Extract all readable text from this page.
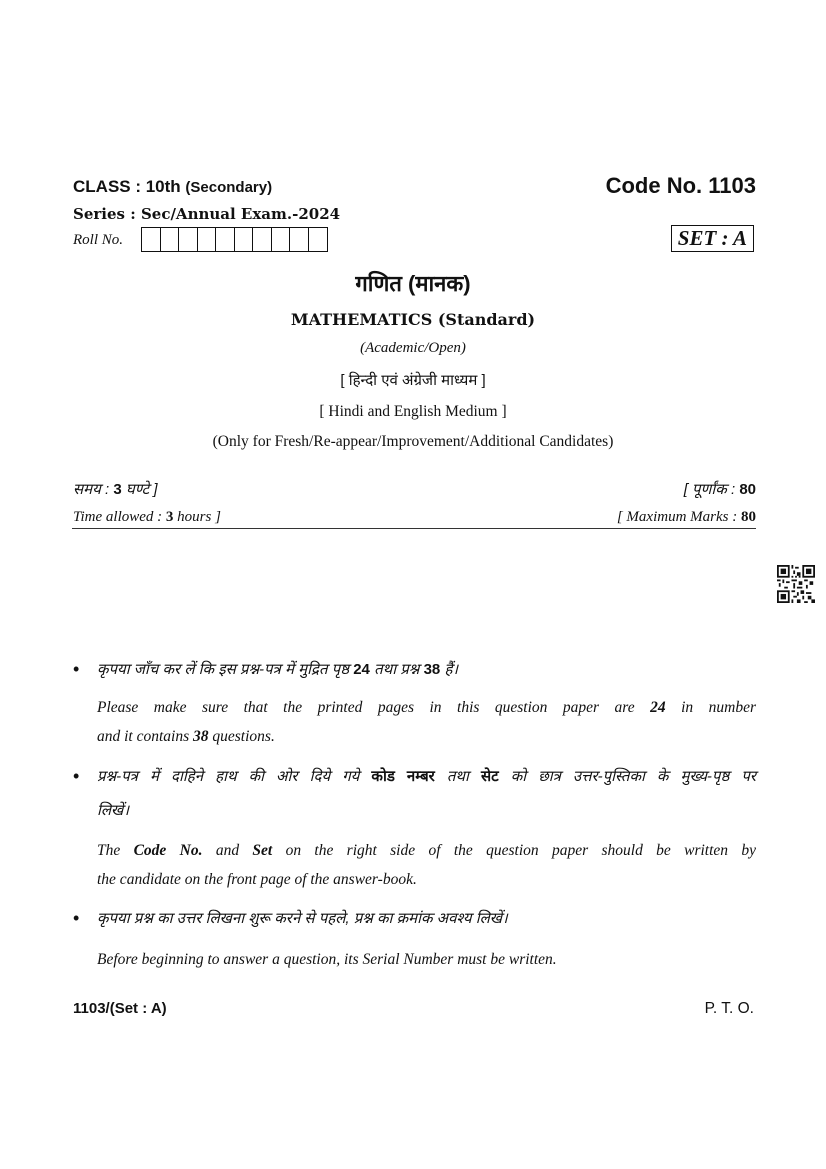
CLASS : 10th (Secondary)	Code No. 1103
Series : Sec/Annual Exam.-2024
Roll No.	SET : A
गणित (मानक)
MATHEMATICS (Standard)
(Academic/Open)
[ हिन्दी एवं अंग्रेजी माध्यम ]
[ Hindi and English Medium ]
(Only for Fresh/Re-appear/Improvement/Additional Candidates)
समय : 3 घण्टे ]	[ पूर्णांक : 80
Time allowed : 3 hours ]	[ Maximum Marks : 80
• कृपया जाँच कर लें कि इस प्रश्न-पत्र में मुद्रित पृष्ठ 24 तथा प्रश्न 38 हैं।
Please make sure that the printed pages in this question paper are 24 in number
and it contains 38 questions.
• प्रश्न-पत्र में दाहिने हाथ की ओर दिये गये कोड नम्बर तथा सेट को छात्र उत्तर-पुस्तिका के मुख्य-पृष्ठ पर
लिखें।
The Code No. and Set on the right side of the question paper should be written by
the candidate on the front page of the answer-book.
• कृपया प्रश्न का उत्तर लिखना शुरू करने से पहले, प्रश्न का क्रमांक अवश्य लिखें।
Before beginning to answer a question, its Serial Number must be written.
1103/(Set : A)	P. T. O.
